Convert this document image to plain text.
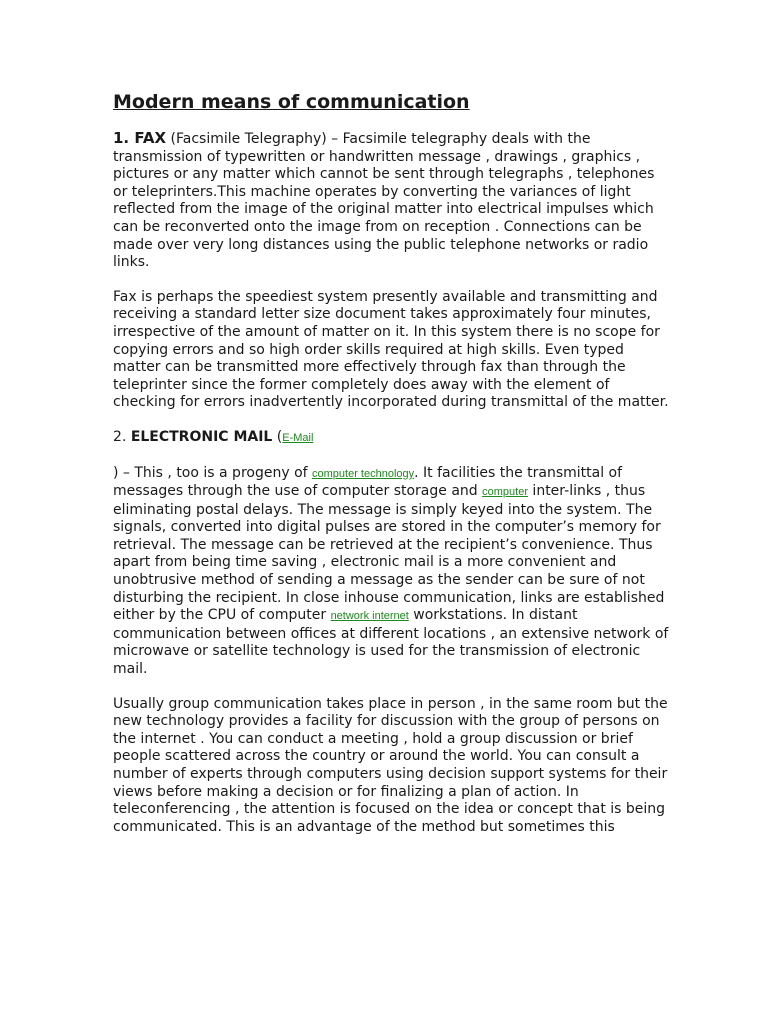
Modern means of communication

1. FAX (Facsimile Telegraphy) – Facsimile telegraphy deals with the transmission of typewritten or handwritten message , drawings , graphics , pictures or any matter which cannot be sent through telegraphs , telephones or teleprinters.This machine operates by converting the variances of light reflected from the image of the original matter into electrical impulses which can be reconverted onto the image from on reception . Connections can be made over very long distances using the public telephone networks or radio links.

Fax is perhaps the speediest system presently available and transmitting and receiving a standard letter size document takes approximately four minutes, irrespective of the amount of matter on it. In this system there is no scope for copying errors and so high order skills required at high skills. Even typed matter can be transmitted more effectively through fax than through the teleprinter since the former completely does away with the element of checking for errors inadvertently incorporated during transmittal of the matter.

2. ELECTRONIC MAIL (E-Mail

) – This , too is a progeny of computer technology. It facilities the transmittal of messages through the use of computer storage and computer inter-links , thus eliminating postal delays. The message is simply keyed into the system. The signals, converted into digital pulses are stored in the computer’s memory for retrieval. The message can be retrieved at the recipient’s convenience. Thus apart from being time saving , electronic mail is a more convenient and unobtrusive method of sending a message as the sender can be sure of not disturbing the recipient. In close inhouse communication, links are established either by the CPU of computer network internet workstations. In distant communication between offices at different locations , an extensive network of microwave or satellite technology is used for the transmission of electronic mail.

Usually group communication takes place in person , in the same room but the new technology provides a facility for discussion with the group of persons on the internet . You can conduct a meeting , hold a group discussion or brief people scattered across the country or around the world. You can consult a number of experts through computers using decision support systems for their views before making a decision or for finalizing a plan of action. In teleconferencing , the attention is focused on the idea or concept that is being communicated. This is an advantage of the method but sometimes this
